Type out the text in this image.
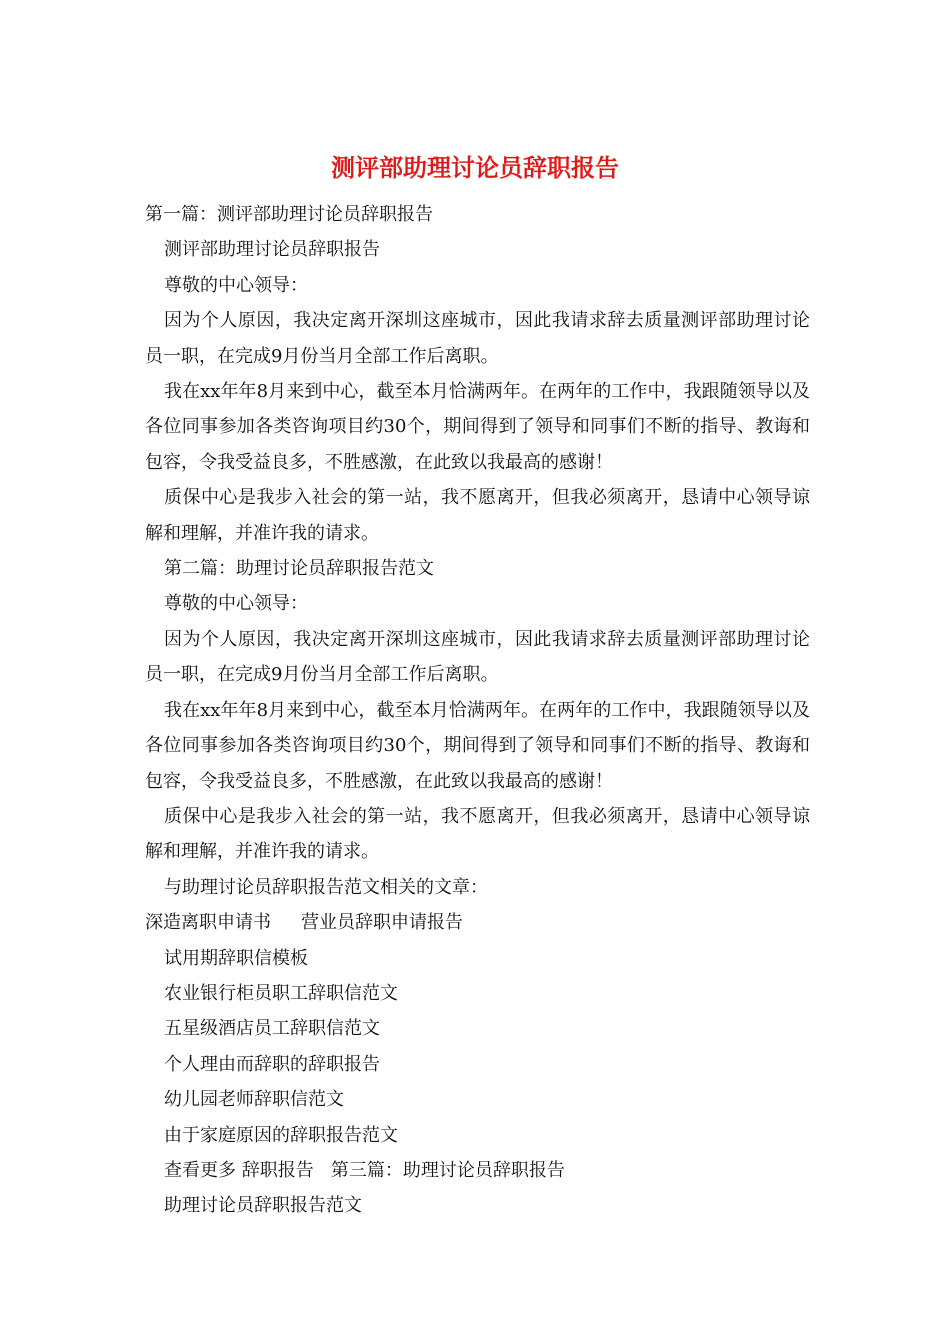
测评部助理讨论员辞职报告

第一篇：测评部助理讨论员辞职报告

测评部助理讨论员辞职报告

尊敬的中心领导：

因为个人原因，我决定离开深圳这座城市，因此我请求辞去质量测评部助理讨论员一职，在完成9月份当月全部工作后离职。

我在xx年年8月来到中心，截至本月恰满两年。在两年的工作中，我跟随领导以及各位同事参加各类咨询项目约30个，期间得到了领导和同事们不断的指导、教诲和包容，令我受益良多，不胜感激，在此致以我最高的感谢！

质保中心是我步入社会的第一站，我不愿离开，但我必须离开，恳请中心领导谅解和理解，并准许我的请求。

第二篇：助理讨论员辞职报告范文

尊敬的中心领导：

因为个人原因，我决定离开深圳这座城市，因此我请求辞去质量测评部助理讨论员一职，在完成9月份当月全部工作后离职。

我在xx年年8月来到中心，截至本月恰满两年。在两年的工作中，我跟随领导以及各位同事参加各类咨询项目约30个，期间得到了领导和同事们不断的指导、教诲和包容，令我受益良多，不胜感激，在此致以我最高的感谢！

质保中心是我步入社会的第一站，我不愿离开，但我必须离开，恳请中心领导谅解和理解，并准许我的请求。

与助理讨论员辞职报告范文相关的文章：

深造离职申请书 营业员辞职申请报告

试用期辞职信模板

农业银行柜员职工辞职信范文

五星级酒店员工辞职信范文

个人理由而辞职的辞职报告

幼儿园老师辞职信范文

由于家庭原因的辞职报告范文

查看更多 辞职报告 第三篇：助理讨论员辞职报告

助理讨论员辞职报告范文
